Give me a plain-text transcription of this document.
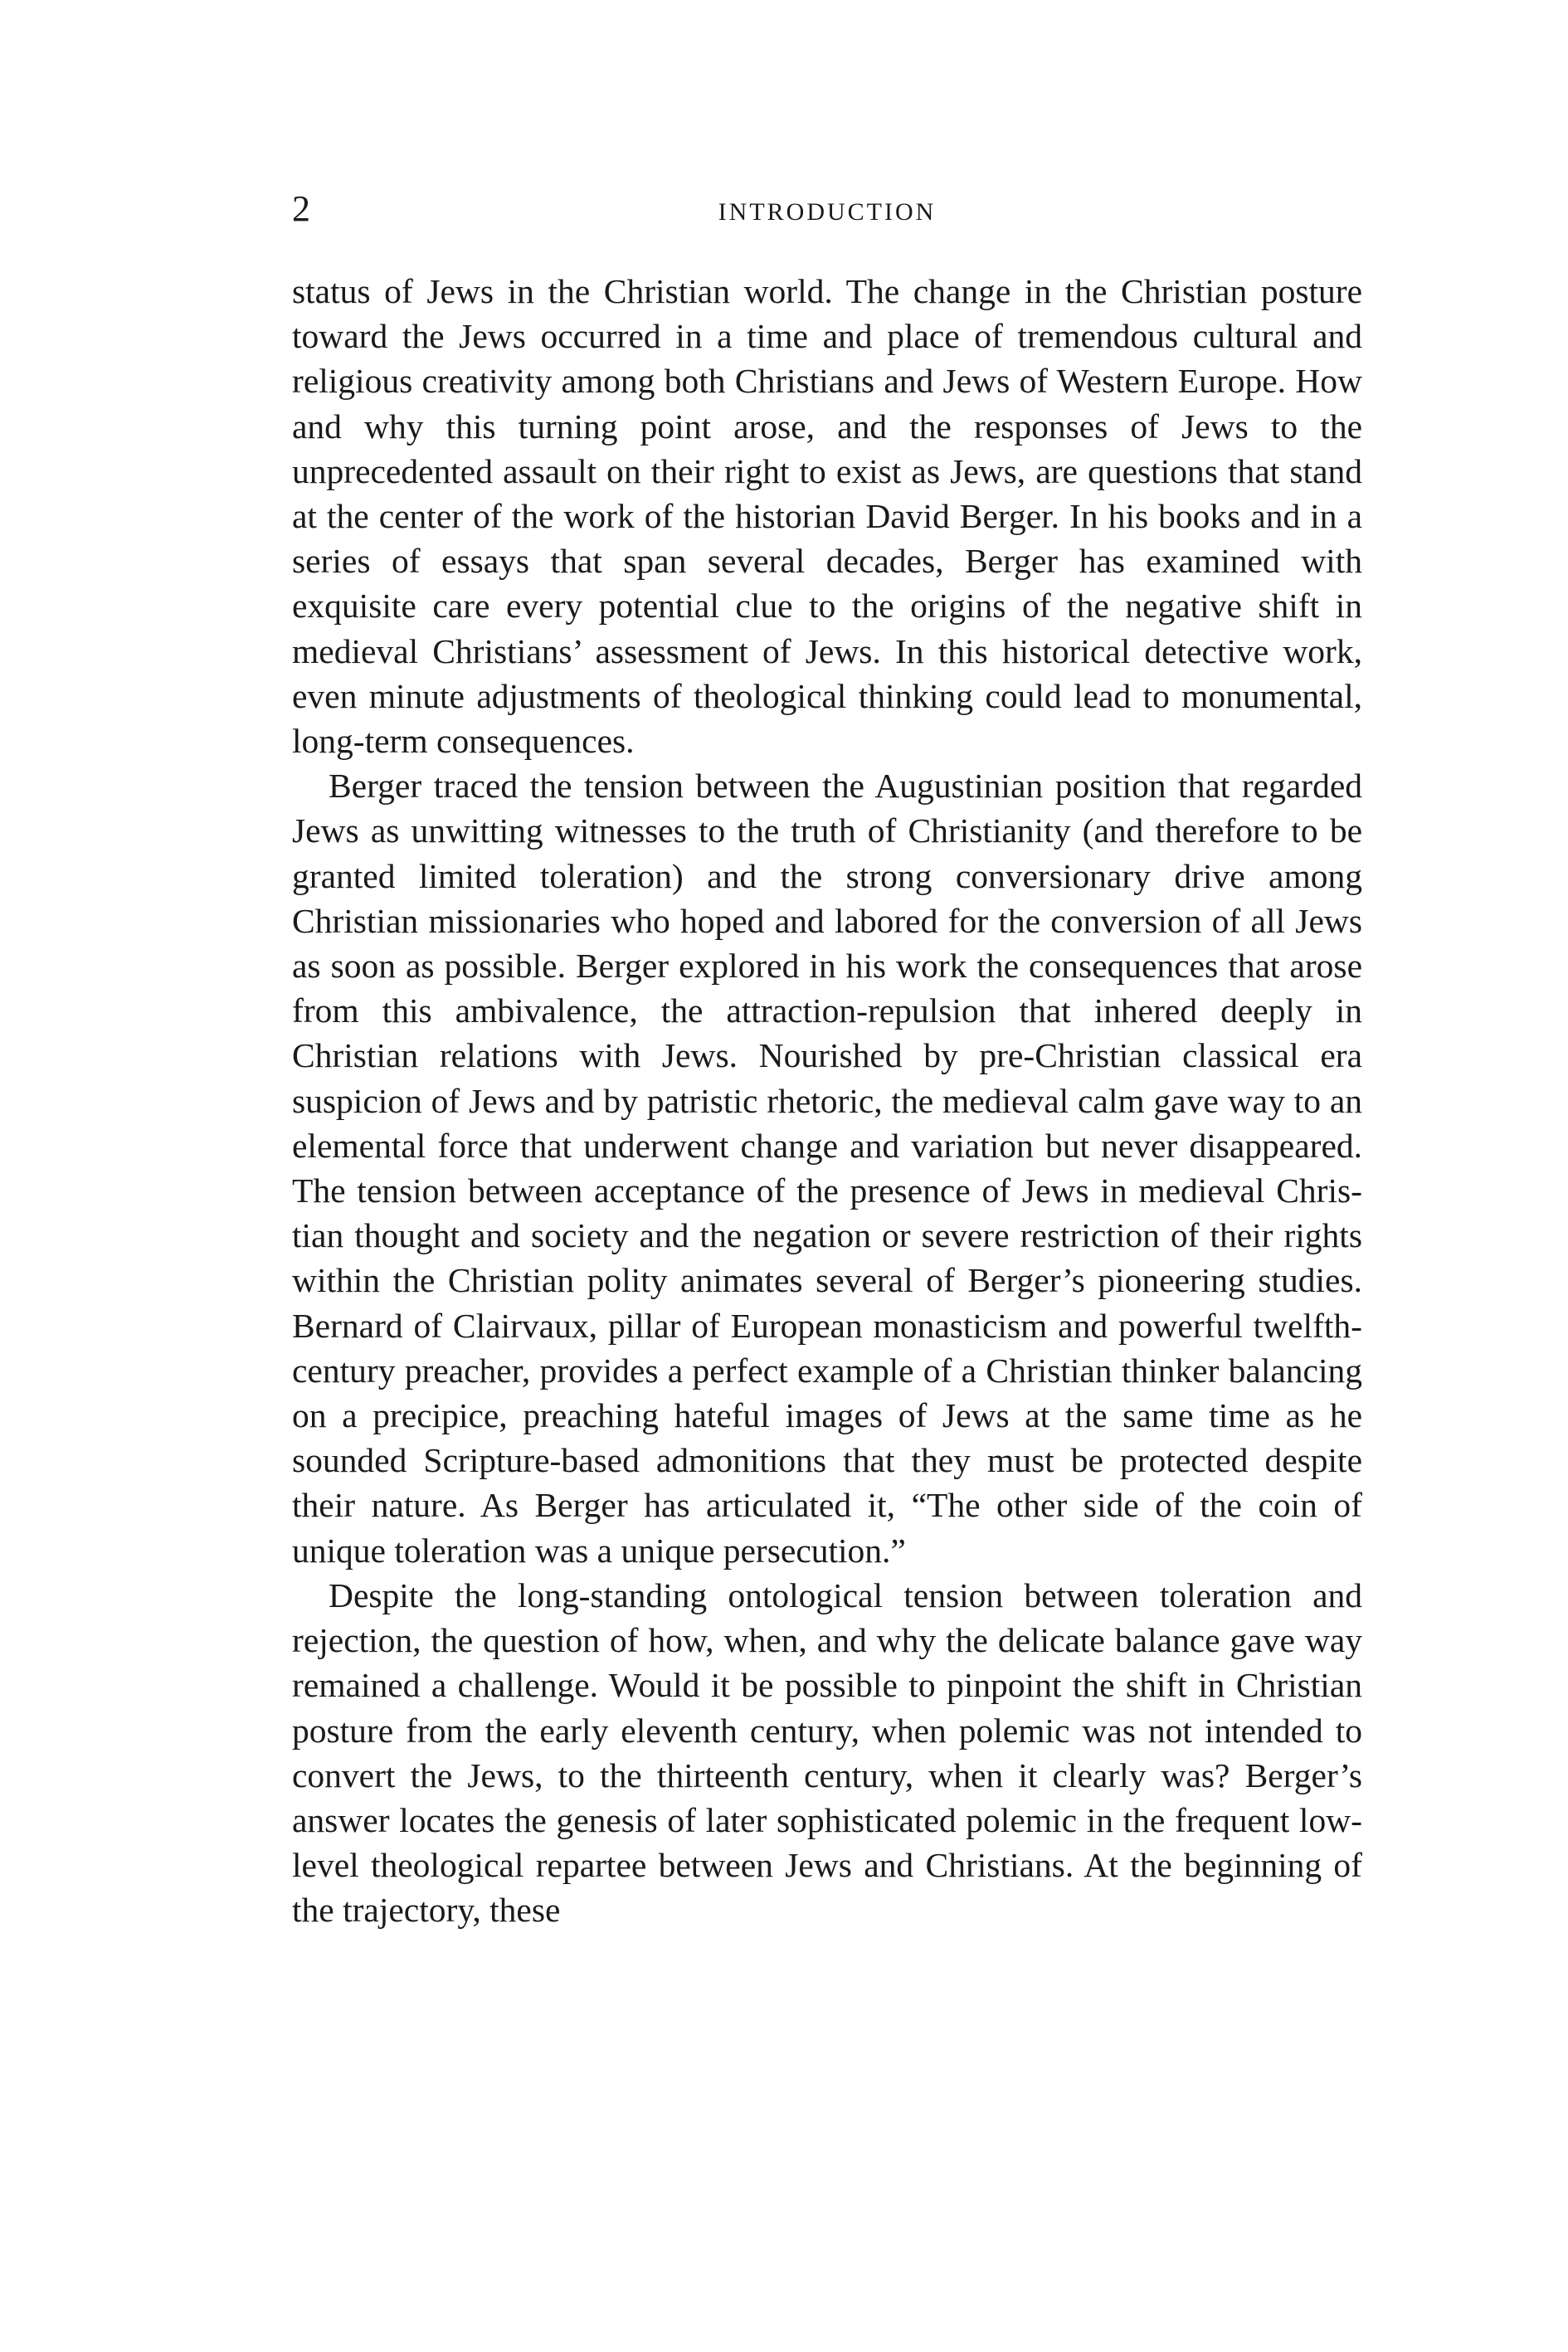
2	INTRODUCTION

status of Jews in the Christian world. The change in the Christian posture toward the Jews occurred in a time and place of tremendous cultural and religious creativity among both Christians and Jews of Western Europe. How and why this turning point arose, and the responses of Jews to the unprecedented assault on their right to exist as Jews, are questions that stand at the center of the work of the historian David Berger. In his books and in a series of essays that span several decades, Berger has examined with exquisite care every potential clue to the origins of the negative shift in medieval Christians’ assessment of Jews. In this historical detective work, even minute adjustments of theological thinking could lead to monumental, long-term consequences.

Berger traced the tension between the Augustinian position that regarded Jews as unwitting witnesses to the truth of Christianity (and therefore to be granted limited toleration) and the strong conversionary drive among Christian missionaries who hoped and labored for the conversion of all Jews as soon as possible. Berger explored in his work the consequences that arose from this ambivalence, the attraction-repulsion that inhered deeply in Christian relations with Jews. Nourished by pre-Christian classical era suspicion of Jews and by patristic rhetoric, the medieval calm gave way to an elemental force that underwent change and variation but never disappeared. The tension between acceptance of the presence of Jews in medieval Christian thought and society and the negation or severe restriction of their rights within the Christian polity animates several of Berger’s pioneering studies. Bernard of Clairvaux, pillar of European monasticism and powerful twelfth-century preacher, provides a perfect example of a Christian thinker balancing on a precipice, preaching hateful images of Jews at the same time as he sounded Scripture-based admonitions that they must be protected despite their nature. As Berger has articulated it, “The other side of the coin of unique toleration was a unique persecution.”

Despite the long-standing ontological tension between toleration and rejection, the question of how, when, and why the delicate balance gave way remained a challenge. Would it be possible to pinpoint the shift in Christian posture from the early eleventh century, when polemic was not intended to convert the Jews, to the thirteenth century, when it clearly was? Berger’s answer locates the genesis of later sophisticated polemic in the frequent low-level theological repartee between Jews and Christians. At the beginning of the trajectory, these
